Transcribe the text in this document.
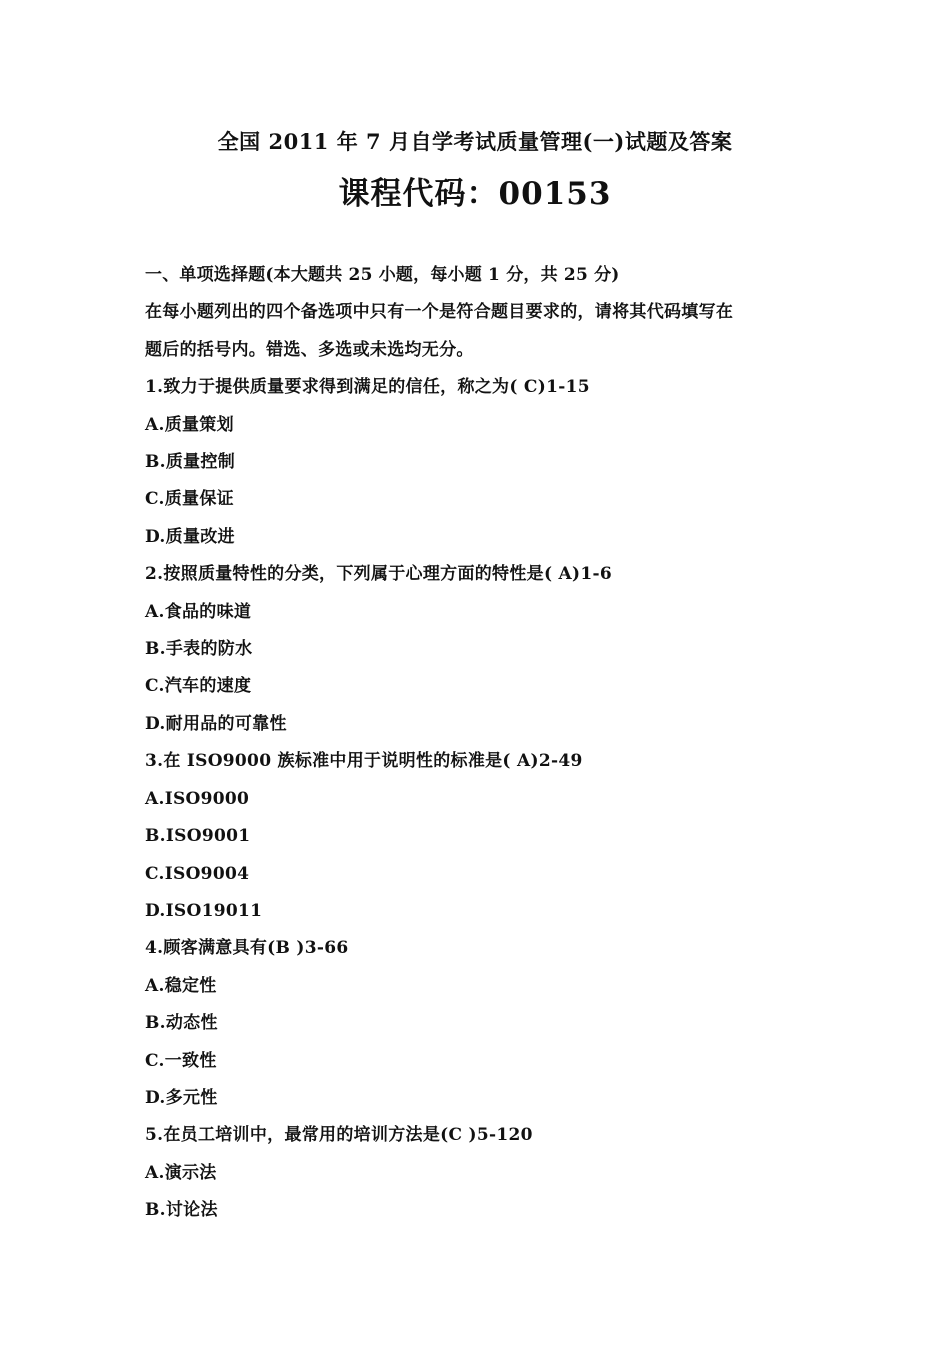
全国 2011 年 7 月自学考试质量管理(一)试题及答案
课程代码：00153
一、单项选择题(本大题共 25 小题，每小题 1 分，共 25 分)
在每小题列出的四个备选项中只有一个是符合题目要求的，请将其代码填写在
题后的括号内。错选、多选或未选均无分。
1.致力于提供质量要求得到满足的信任，称之为( C)1-15
A.质量策划
B.质量控制
C.质量保证
D.质量改进
2.按照质量特性的分类，下列属于心理方面的特性是( A)1-6
A.食品的味道
B.手表的防水
C.汽车的速度
D.耐用品的可靠性
3.在 ISO9000 族标准中用于说明性的标准是( A)2-49
A.ISO9000
B.ISO9001
C.ISO9004
D.ISO19011
4.顾客满意具有(B )3-66
A.稳定性
B.动态性
C.一致性
D.多元性
5.在员工培训中，最常用的培训方法是(C )5-120
A.演示法
B.讨论法
